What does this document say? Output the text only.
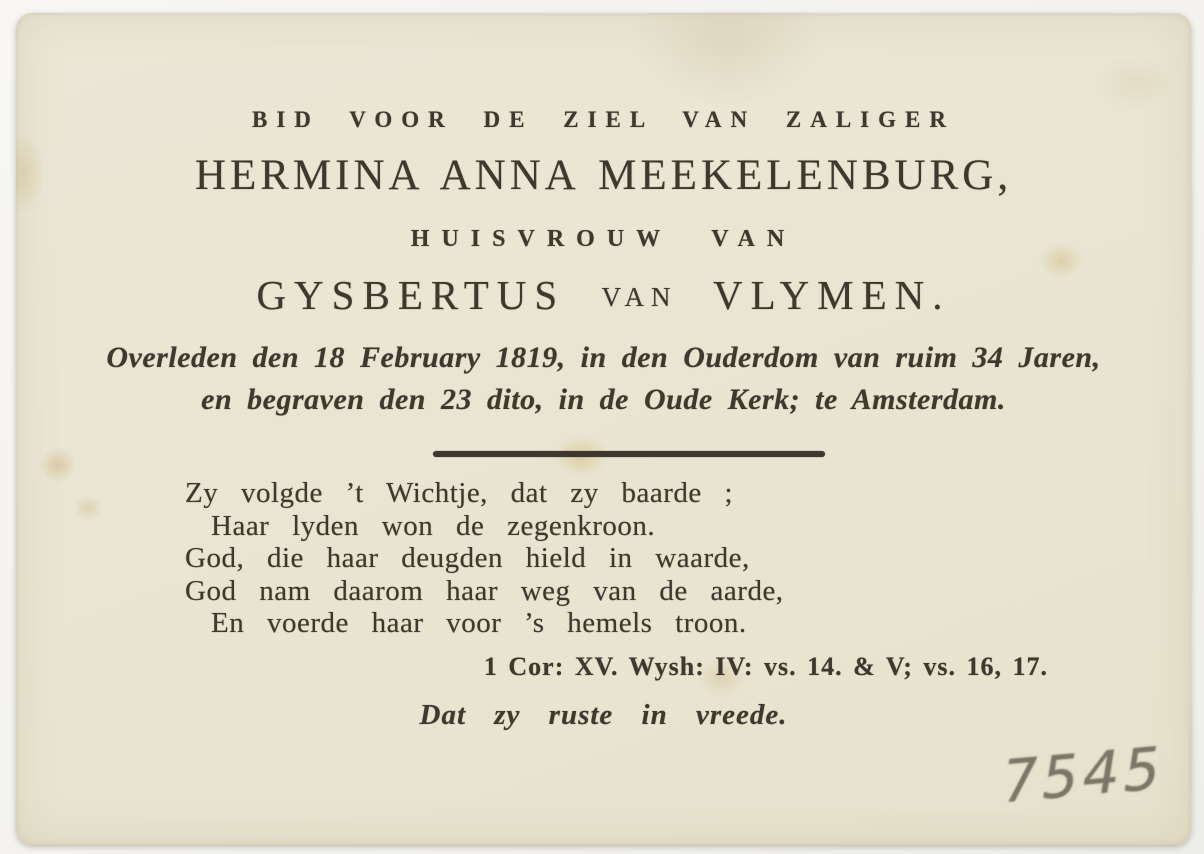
BID VOOR DE ZIEL VAN ZALIGER
HERMINA ANNA MEEKELENBURG,
HUISVROUW VAN
GYSBERTUS VAN VLYMEN.
Overleden den 18 February 1819, in den Ouderdom van ruim 34 Jaren,
en begraven den 23 dito, in de Oude Kerk; te Amsterdam.
Zy volgde ’t Wichtje, dat zy baarde ;
Haar lyden won de zegenkroon.
God, die haar deugden hield in waarde,
God nam daarom haar weg van de aarde,
En voerde haar voor ’s hemels troon.
1 Cor: XV. Wysh: IV: vs. 14. & V; vs. 16, 17.
Dat zy ruste in vreede.
7545
